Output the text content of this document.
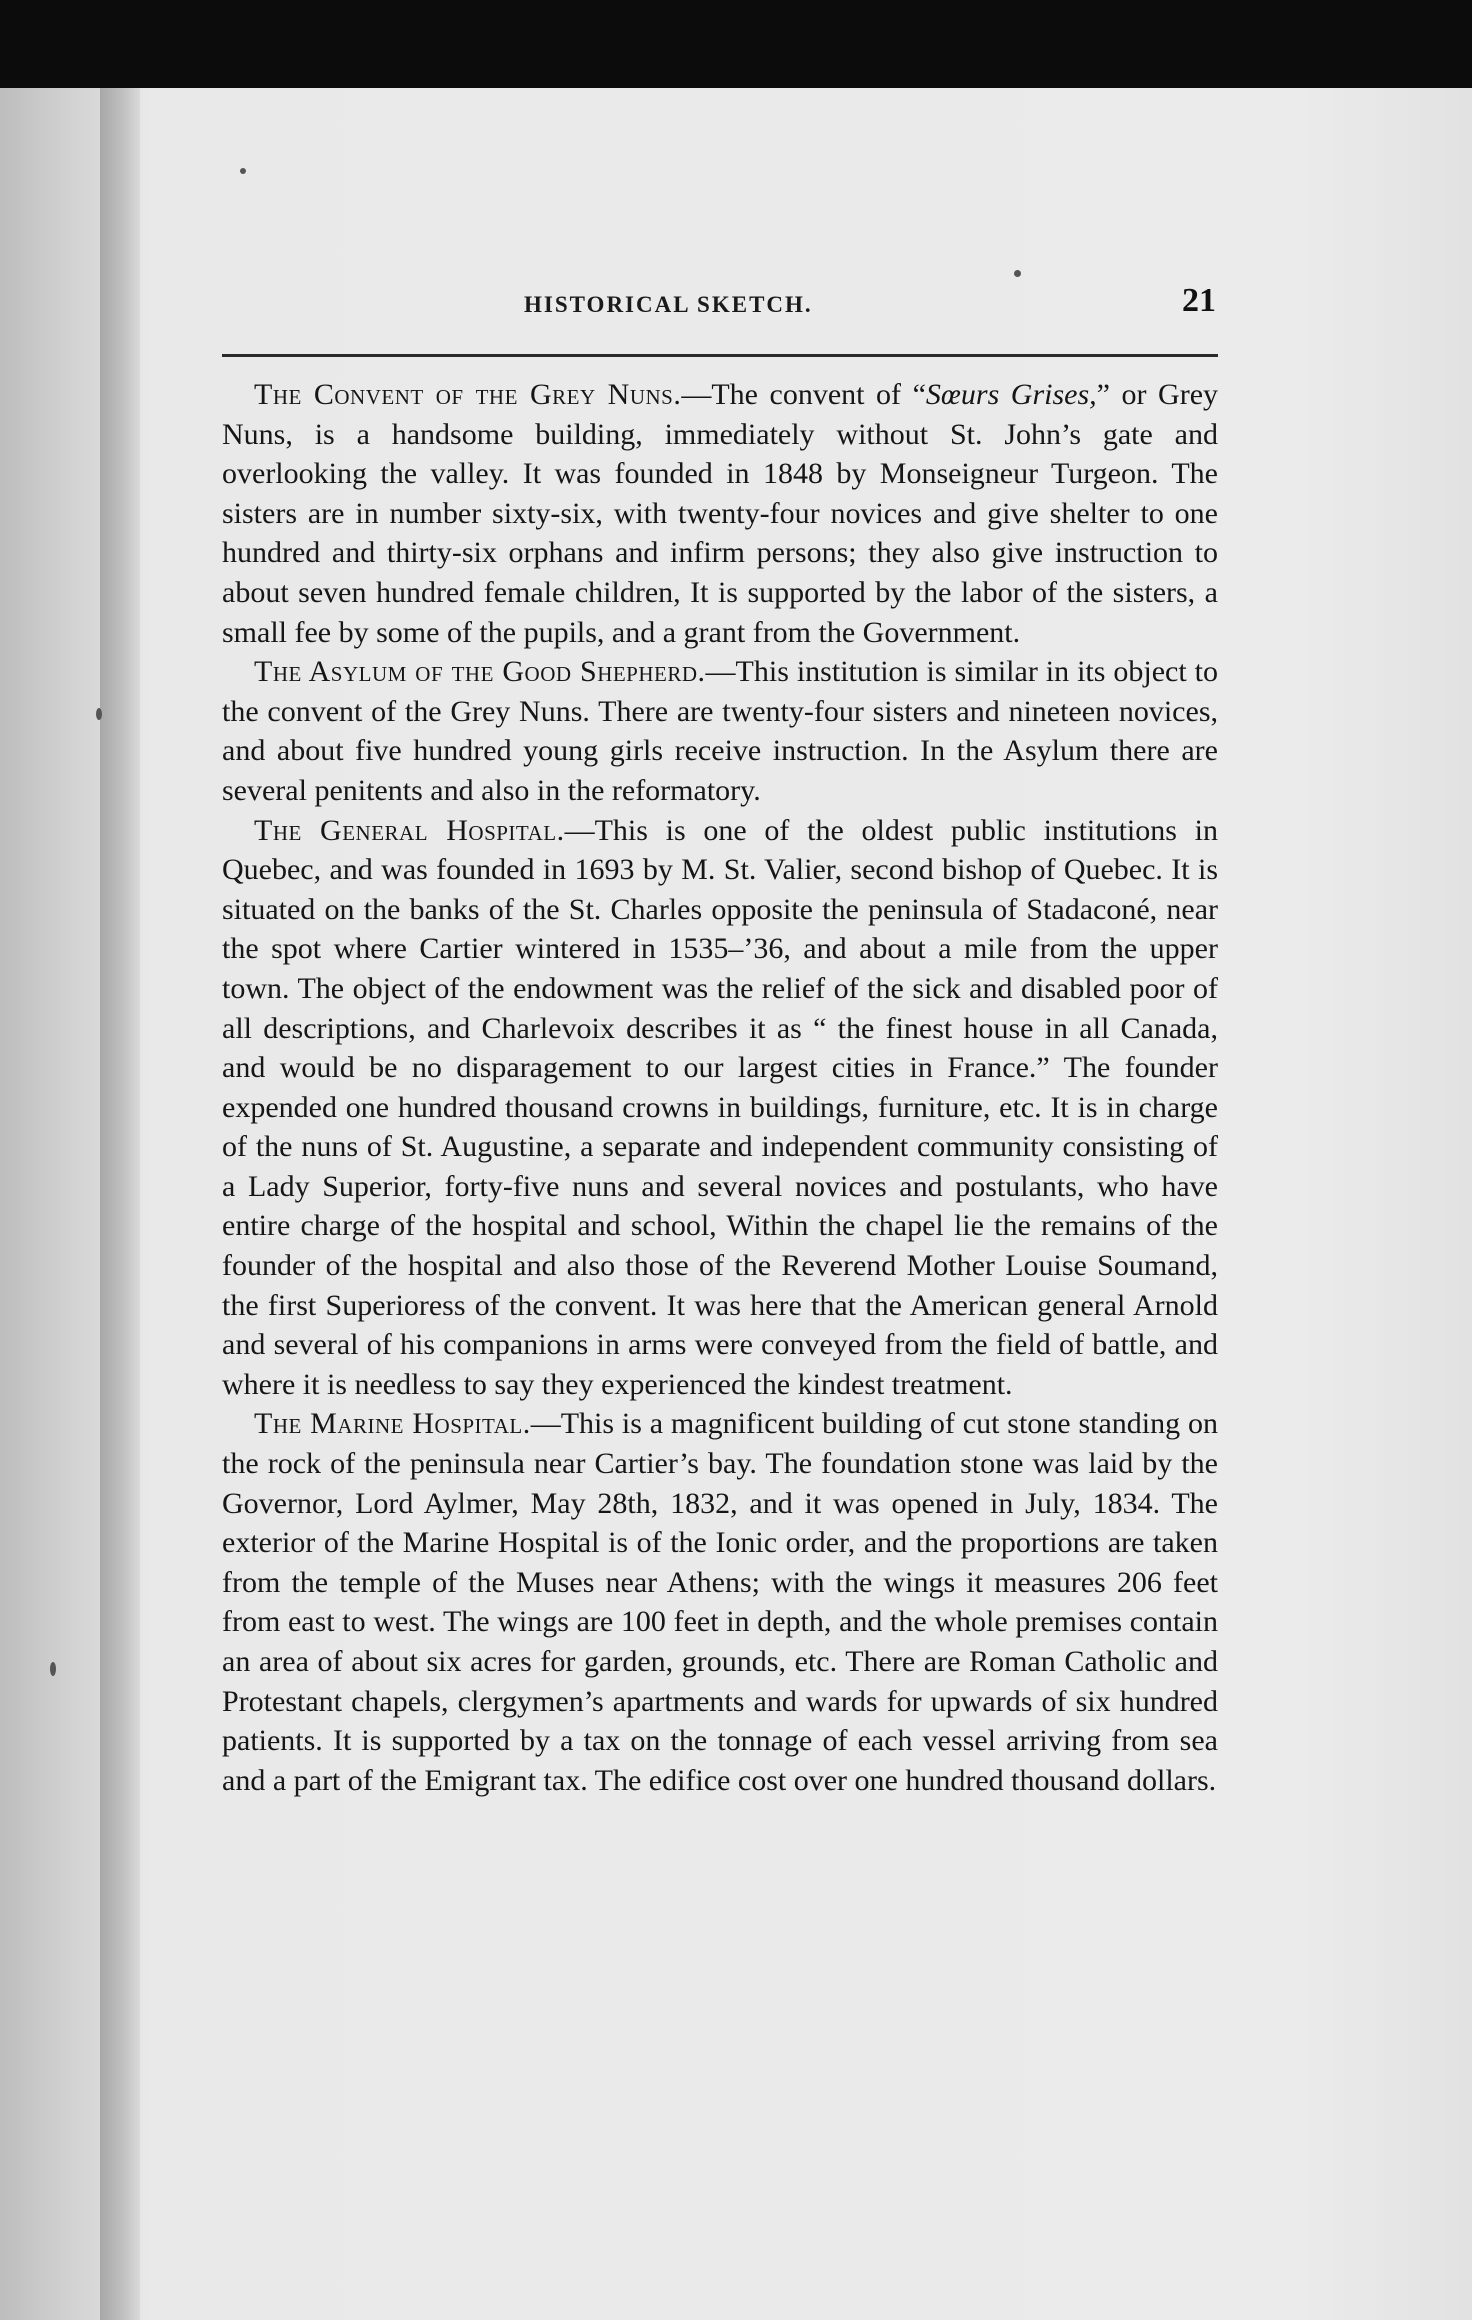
HISTORICAL SKETCH.	21

The Convent of the Grey Nuns.—The convent of “Sœurs Grises,” or Grey Nuns, is a handsome building, immediately without St. John’s gate and overlooking the valley. It was founded in 1848 by Monseigneur Turgeon. The sisters are in number sixty-six, with twenty-four novices and give shelter to one hundred and thirty-six orphans and infirm persons; they also give instruction to about seven hundred female children, It is supported by the labor of the sisters, a small fee by some of the pupils, and a grant from the Government.

The Asylum of the Good Shepherd.—This institution is similar in its object to the convent of the Grey Nuns. There are twenty-four sisters and nineteen novices, and about five hundred young girls receive instruction. In the Asylum there are several penitents and also in the reformatory.

The General Hospital.—This is one of the oldest public institutions in Quebec, and was founded in 1693 by M. St. Valier, second bishop of Quebec. It is situated on the banks of the St. Charles opposite the peninsula of Stadaconé, near the spot where Cartier wintered in 1535–’36, and about a mile from the upper town. The object of the endowment was the relief of the sick and disabled poor of all descriptions, and Charlevoix describes it as “ the finest house in all Canada, and would be no disparagement to our largest cities in France.” The founder expended one hundred thousand crowns in buildings, furniture, etc. It is in charge of the nuns of St. Augustine, a separate and independent community consisting of a Lady Superior, forty-five nuns and several novices and postulants, who have entire charge of the hospital and school, Within the chapel lie the remains of the founder of the hospital and also those of the Reverend Mother Louise Soumand, the first Superioress of the convent. It was here that the American general Arnold and several of his companions in arms were conveyed from the field of battle, and where it is needless to say they experienced the kindest treatment.

The Marine Hospital.—This is a magnificent building of cut stone standing on the rock of the peninsula near Cartier’s bay. The foundation stone was laid by the Governor, Lord Aylmer, May 28th, 1832, and it was opened in July, 1834. The exterior of the Marine Hospital is of the Ionic order, and the proportions are taken from the temple of the Muses near Athens; with the wings it measures 206 feet from east to west. The wings are 100 feet in depth, and the whole premises contain an area of about six acres for garden, grounds, etc. There are Roman Catholic and Protestant chapels, clergymen’s apartments and wards for upwards of six hundred patients. It is supported by a tax on the tonnage of each vessel arriving from sea and a part of the Emigrant tax. The edifice cost over one hundred thousand dollars.
